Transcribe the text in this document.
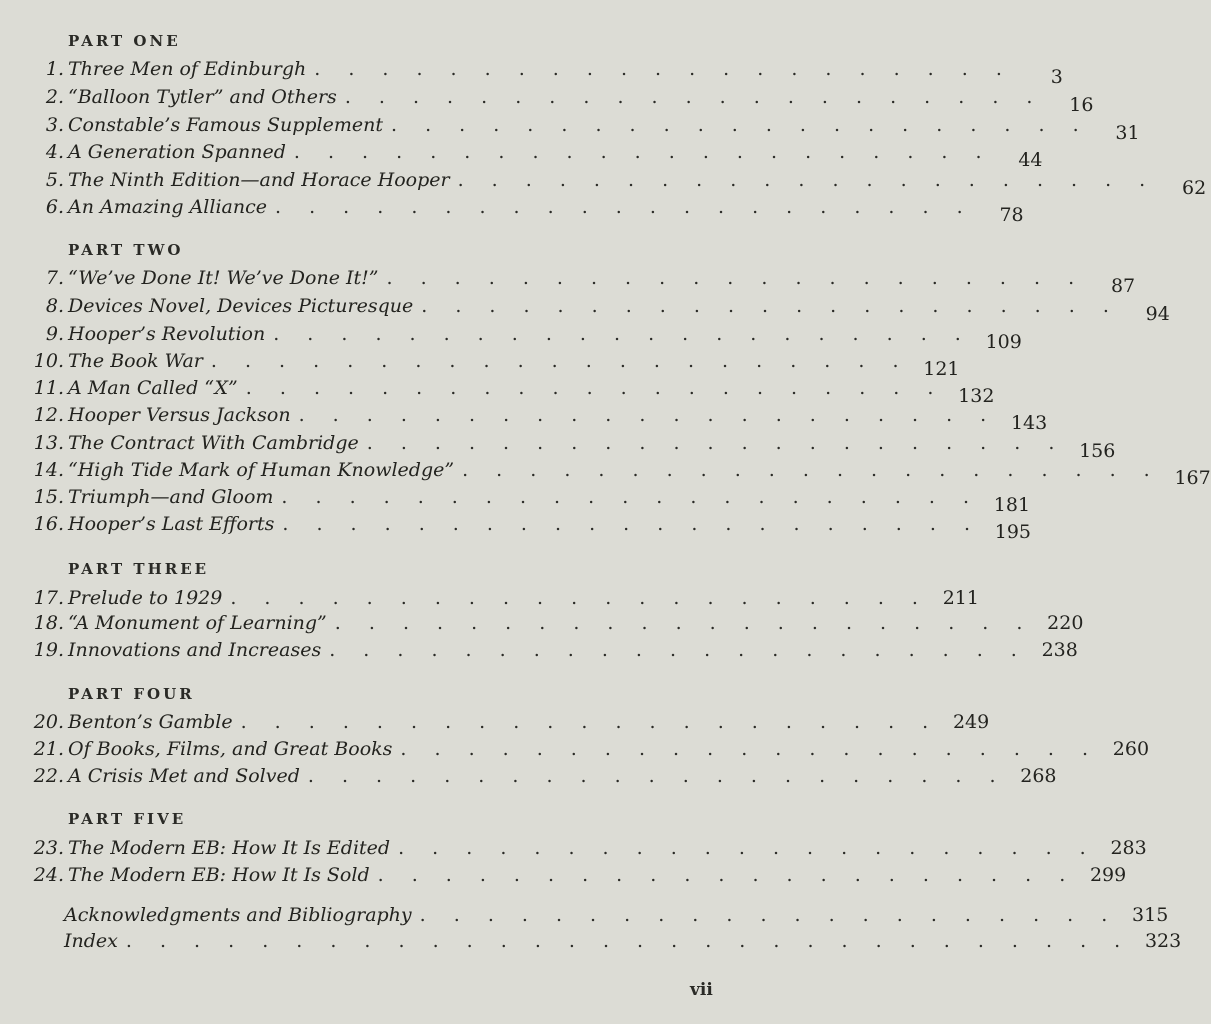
PART ONE
1. Three Men of Edinburgh . . . . . . . . . . . . . . . . . . . . .	3
2. “Balloon Tytler” and Others . . . . . . . . . . . . . . . . . . . . .	16
3. Constable’s Famous Supplement . . . . . . . . . . . . . . . . . . . . .	31
4. A Generation Spanned . . . . . . . . . . . . . . . . . . . . .	44
5. The Ninth Edition—and Horace Hooper . . . . . . . . . . . . . . . . . . . . .	62
6. An Amazing Alliance . . . . . . . . . . . . . . . . . . . . .	78
PART TWO
7. “We’ve Done It! We’ve Done It!” . . . . . . . . . . . . . . . . . . . . .	87
8. Devices Novel, Devices Picturesque . . . . . . . . . . . . . . . . . . . . .	94
9. Hooper’s Revolution . . . . . . . . . . . . . . . . . . . . . 109
10. The Book War . . . . . . . . . . . . . . . . . . . . . 121
11. A Man Called “X” . . . . . . . . . . . . . . . . . . . . . 132
12. Hooper Versus Jackson . . . . . . . . . . . . . . . . . . . . . 143
13. The Contract With Cambridge . . . . . . . . . . . . . . . . . . . . . 156
14. “High Tide Mark of Human Knowledge” . . . . . . . . . . . . . . . . . . . . . 167
15. Triumph—and Gloom . . . . . . . . . . . . . . . . . . . . . 181
16. Hooper’s Last Efforts . . . . . . . . . . . . . . . . . . . . . 195
PART THREE
17. Prelude to 1929 . . . . . . . . . . . . . . . . . . . . . 211
18. “A Monument of Learning” . . . . . . . . . . . . . . . . . . . . . 220
19. Innovations and Increases . . . . . . . . . . . . . . . . . . . . . 238
PART FOUR
20. Benton’s Gamble . . . . . . . . . . . . . . . . . . . . . 249
21. Of Books, Films, and Great Books . . . . . . . . . . . . . . . . . . . . . 260
22. A Crisis Met and Solved . . . . . . . . . . . . . . . . . . . . . 268
PART FIVE
23. The Modern EB: How It Is Edited . . . . . . . . . . . . . . . . . . . . . 283
24. The Modern EB: How It Is Sold . . . . . . . . . . . . . . . . . . . . . 299
Acknowledgments and Bibliography . . . . . . . . . . . . . . . . . . . . . 315
Index . . . . . . . . . . . . . . . . . . . . . . . . . . . . . . 323
vii
